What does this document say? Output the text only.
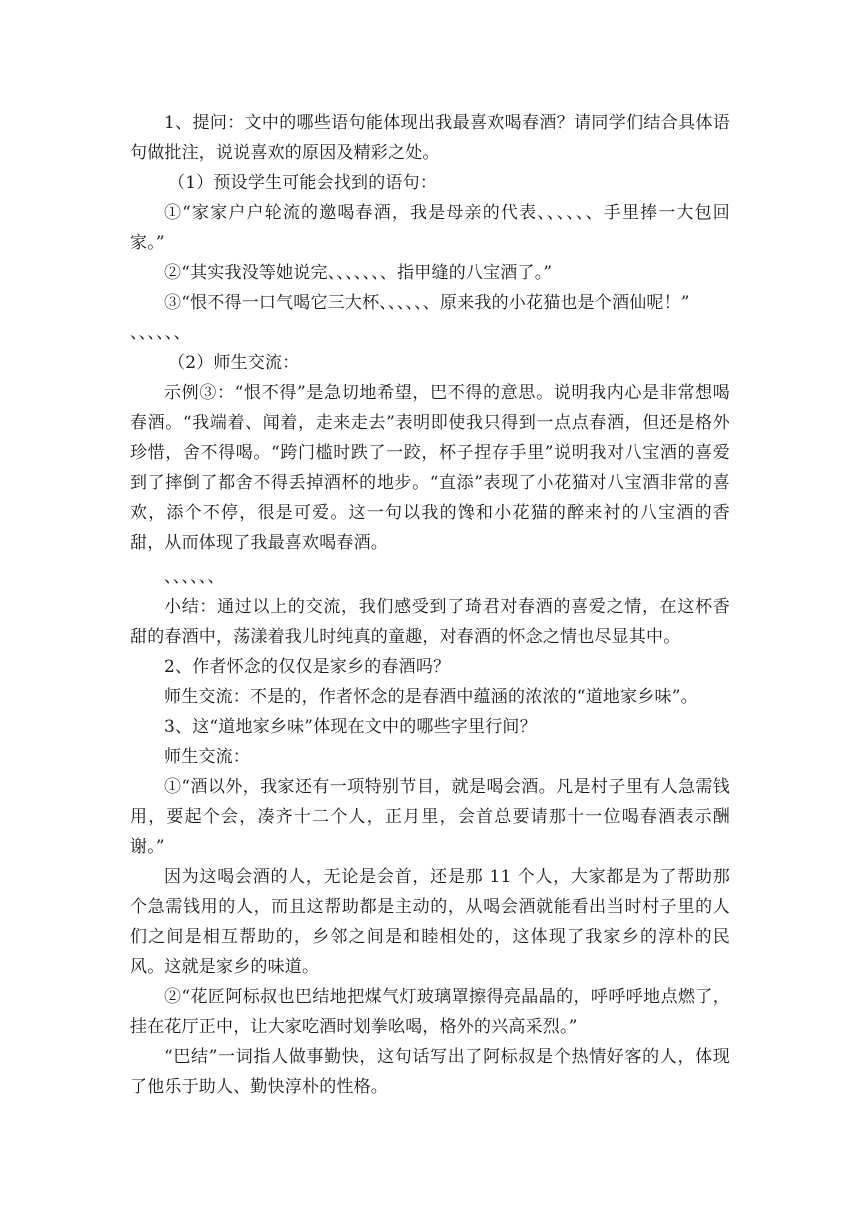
1、提问：文中的哪些语句能体现出我最喜欢喝春酒？请同学们结合具体语句做批注，说说喜欢的原因及精彩之处。

（1）预设学生可能会找到的语句：

①“家家户户轮流的邀喝春酒，我是母亲的代表、、、、、、手里捧一大包回家。”

②“其实我没等她说完、、、、、、、指甲缝的八宝酒了。”

③“恨不得一口气喝它三大杯、、、、、、原来我的小花猫也是个酒仙呢！”

、、、、、、

（2）师生交流：

示例③：“恨不得”是急切地希望，巴不得的意思。说明我内心是非常想喝春酒。“我端着、闻着，走来走去”表明即使我只得到一点点春酒，但还是格外珍惜，舍不得喝。“跨门槛时跌了一跤，杯子捏存手里”说明我对八宝酒的喜爱到了摔倒了都舍不得丢掉酒杯的地步。“直添”表现了小花猫对八宝酒非常的喜欢，添个不停，很是可爱。这一句以我的馋和小花猫的醉来衬的八宝酒的香甜，从而体现了我最喜欢喝春酒。

、、、、、、

小结：通过以上的交流，我们感受到了琦君对春酒的喜爱之情，在这杯香甜的春酒中，荡漾着我儿时纯真的童趣，对春酒的怀念之情也尽显其中。

2、作者怀念的仅仅是家乡的春酒吗？

师生交流：不是的，作者怀念的是春酒中蕴涵的浓浓的“道地家乡味”。

3、这“道地家乡味”体现在文中的哪些字里行间？

师生交流：

①“酒以外，我家还有一项特别节目，就是喝会酒。凡是村子里有人急需钱用，要起个会，凑齐十二个人，正月里，会首总要请那十一位喝春酒表示酬谢。”

因为这喝会酒的人，无论是会首，还是那 11 个人，大家都是为了帮助那个急需钱用的人，而且这帮助都是主动的，从喝会酒就能看出当时村子里的人们之间是相互帮助的，乡邻之间是和睦相处的，这体现了我家乡的淳朴的民风。这就是家乡的味道。

②“花匠阿标叔也巴结地把煤气灯玻璃罩擦得亮晶晶的，呼呼呼地点燃了，挂在花厅正中，让大家吃酒时划拳吆喝，格外的兴高采烈。”

“巴结”一词指人做事勤快，这句话写出了阿标叔是个热情好客的人，体现了他乐于助人、勤快淳朴的性格。
